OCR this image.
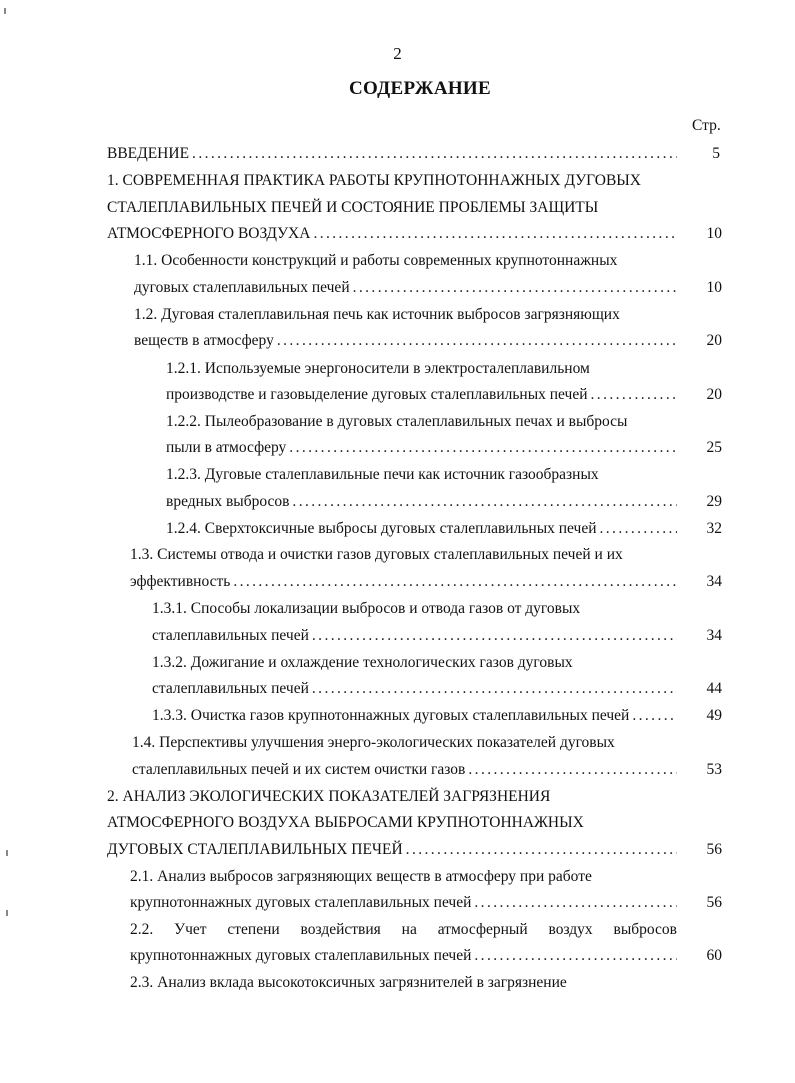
2
СОДЕРЖАНИЕ
Стр.
ВВЕДЕНИЕ .....	5
1. СОВРЕМЕННАЯ ПРАКТИКА РАБОТЫ КРУПНОТОННАЖНЫХ ДУГОВЫХ
СТАЛЕПЛАВИЛЬНЫХ ПЕЧЕЙ И СОСТОЯНИЕ ПРОБЛЕМЫ ЗАЩИТЫ
АТМОСФЕРНОГО ВОЗДУХА .....	10
1.1. Особенности конструкций и работы современных крупнотоннажных
дуговых сталеплавильных печей .....	10
1.2. Дуговая сталеплавильная печь как источник выбросов загрязняющих
веществ в атмосферу .....	20
1.2.1. Используемые энергоносители в электросталеплавильном
производстве и газовыделение дуговых сталеплавильных печей .....	20
1.2.2. Пылеобразование в дуговых сталеплавильных печах и выбросы
пыли в атмосферу .....	25
1.2.3. Дуговые сталеплавильные печи как источник газообразных
вредных выбросов .....	29
1.2.4. Сверхтоксичные выбросы дуговых сталеплавильных печей .....	32
1.3. Системы отвода и очистки газов дуговых сталеплавильных печей и их
эффективность .....	34
1.3.1. Способы локализации выбросов и отвода газов от дуговых
сталеплавильных печей .....	34
1.3.2. Дожигание и охлаждение технологических газов дуговых
сталеплавильных печей .....	44
1.3.3. Очистка газов крупнотоннажных дуговых сталеплавильных печей .....	49
1.4. Перспективы улучшения энерго-экологических показателей дуговых
сталеплавильных печей и их систем очистки газов .....	53
2. АНАЛИЗ ЭКОЛОГИЧЕСКИХ ПОКАЗАТЕЛЕЙ ЗАГРЯЗНЕНИЯ
АТМОСФЕРНОГО ВОЗДУХА ВЫБРОСАМИ КРУПНОТОННАЖНЫХ
ДУГОВЫХ СТАЛЕПЛАВИЛЬНЫХ ПЕЧЕЙ .....	56
2.1. Анализ выбросов загрязняющих веществ в атмосферу при работе
крупнотоннажных дуговых сталеплавильных печей .....	56
2.2. Учет степени воздействия на атмосферный воздух выбросов
крупнотоннажных дуговых сталеплавильных печей .....	60
2.3. Анализ вклада высокотоксичных загрязнителей в загрязнение
